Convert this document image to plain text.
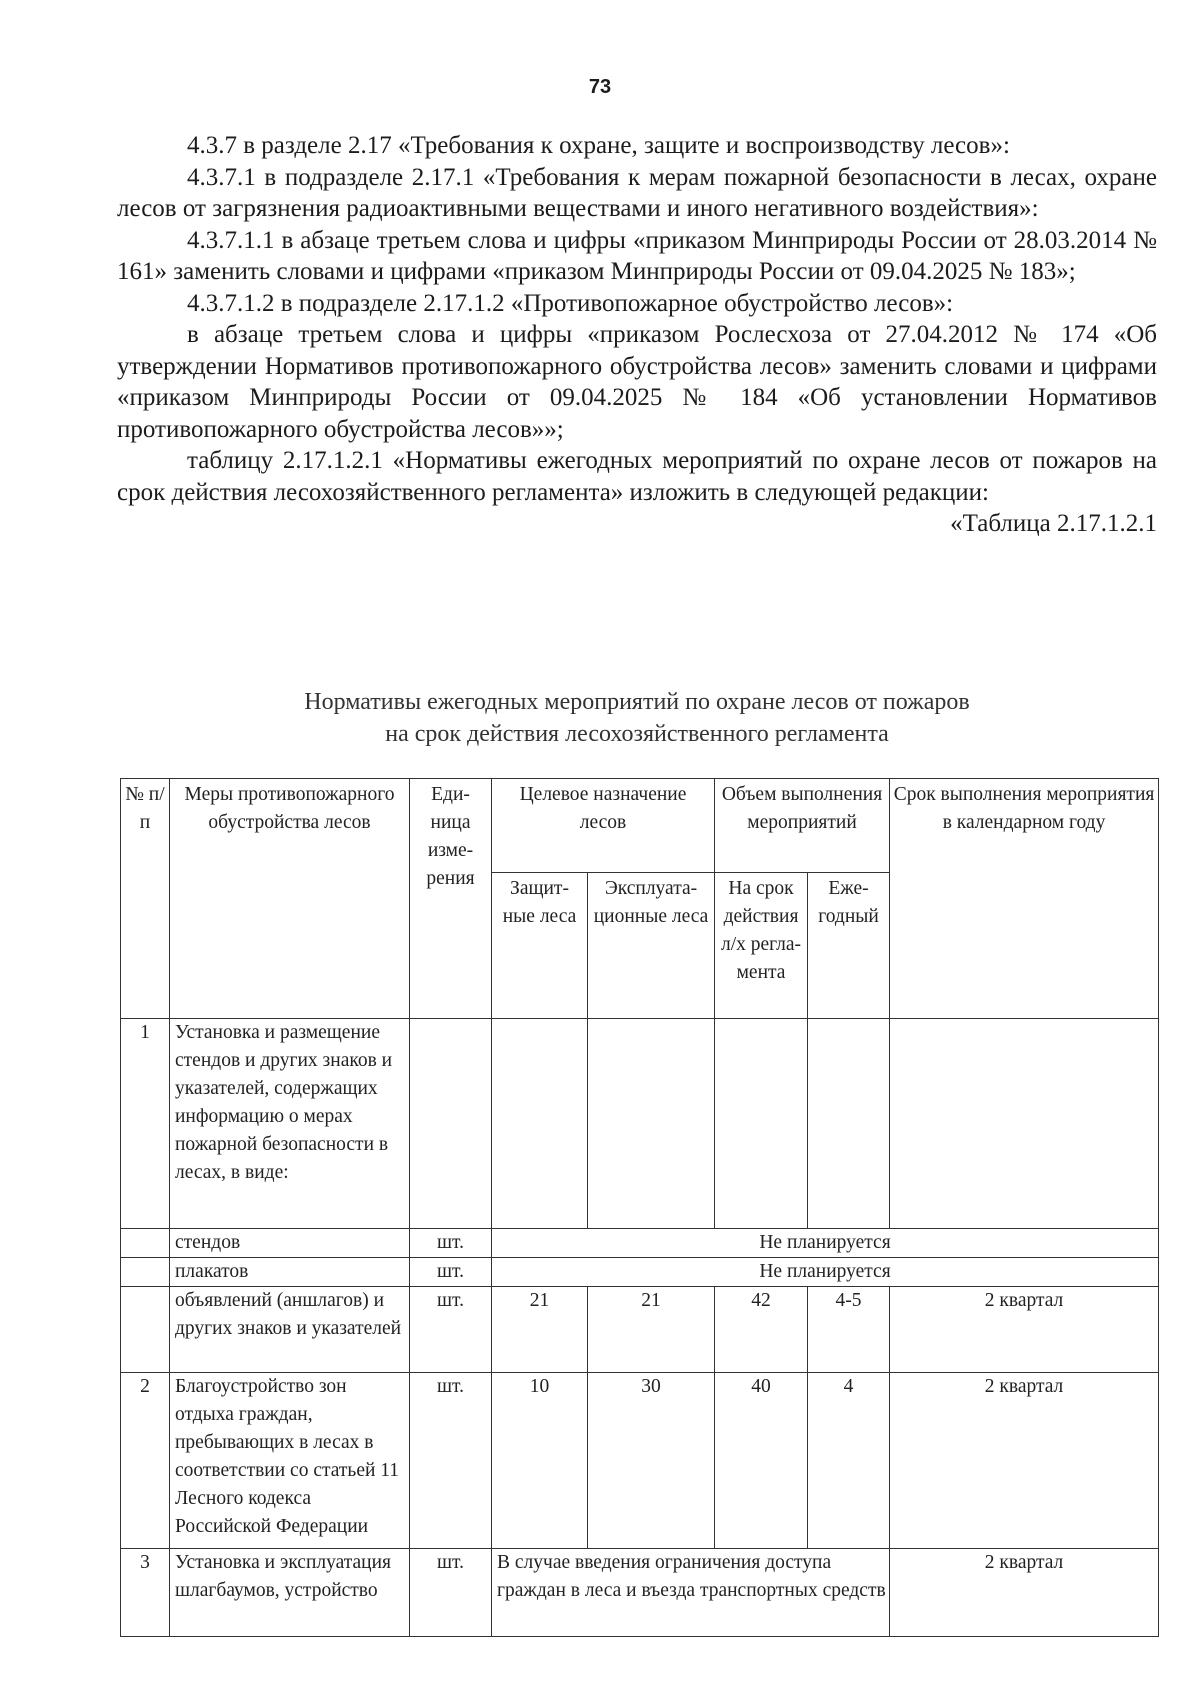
73

4.3.7 в разделе 2.17 «Требования к охране, защите и воспроизводству лесов»:

4.3.7.1 в подразделе 2.17.1 «Требования к мерам пожарной безопасности в лесах, охране лесов от загрязнения радиоактивными веществами и иного негативного воздействия»:

4.3.7.1.1 в абзаце третьем слова и цифры «приказом Минприроды России от 28.03.2014 № 161» заменить словами и цифрами «приказом Минприроды России от 09.04.2025 № 183»;

4.3.7.1.2 в подразделе 2.17.1.2 «Противопожарное обустройство лесов»:

в абзаце третьем слова и цифры «приказом Рослесхоза от 27.04.2012 № 174 «Об утверждении Нормативов противопожарного обустройства лесов» заменить словами и цифрами «приказом Минприроды России от 09.04.2025 № 184 «Об установлении Нормативов противопожарного обустройства лесов»»;

таблицу 2.17.1.2.1 «Нормативы ежегодных мероприятий по охране лесов от пожаров на срок действия лесохозяйственного регламента» изложить в следующей редакции:

«Таблица 2.17.1.2.1

Нормативы ежегодных мероприятий по охране лесов от пожаров
на срок действия лесохозяйственного регламента
№ п/п	Меры противопожарного обустройства лесов	Еди-ница изме-рения	Целевое назначение лесов		Объем выполнения мероприятий		Срок выполнения мероприятия в календарном году
			Защит-ные леса	Эксплуата-ционные леса	На срок действия л/х регла-мента	Еже-годный	
1	Установка и размещение стендов и других знаков и указателей, содержащих информацию о мерах пожарной безопасности в лесах, в виде:						
	стендов	шт.	Не планируется				
	плакатов	шт.	Не планируется				
	объявлений (аншлагов) и других знаков и указателей	шт.	21	21	42	4-5	2 квартал
2	Благоустройство зон отдыха граждан, пребывающих в лесах в соответствии со статьей 11 Лесного кодекса Российской Федерации	шт.	10	30	40	4	2 квартал
3	Установка и эксплуатация шлагбаумов, устройство	шт.	В случае введения ограничения доступа граждан в леса и въезда транспортных средств				2 квартал
